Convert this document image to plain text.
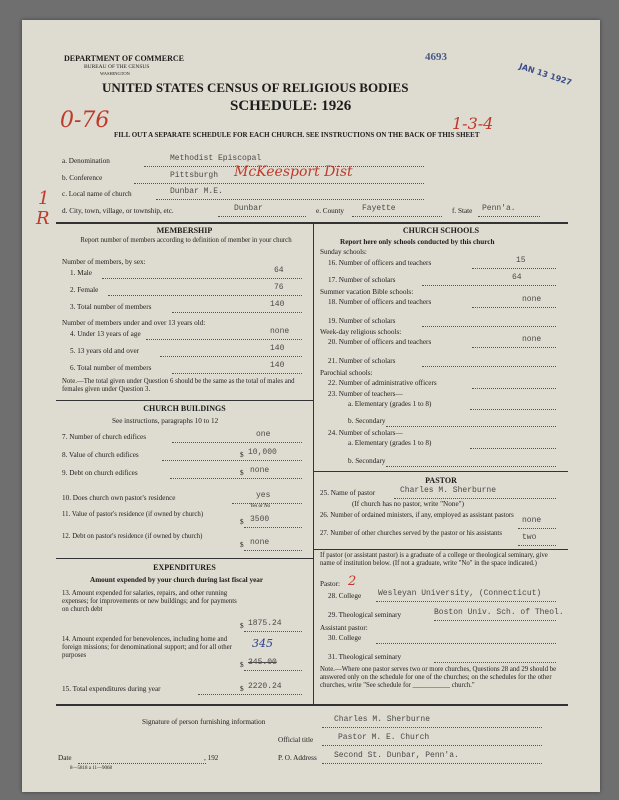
DEPARTMENT OF COMMERCE
BUREAU OF THE CENSUS
WASHINGTON
4693
JAN 13 1927
UNITED STATES CENSUS OF RELIGIOUS BODIES
SCHEDULE: 1926
0-76	1-3-4
FILL OUT A SEPARATE SCHEDULE FOR EACH CHURCH. SEE INSTRUCTIONS ON THE BACK OF THIS SHEET
1
R
a. Denomination	Methodist Episcopal
b. Conference	Pittsburgh McKeesport Dist
c. Local name of church	Dunbar M.E.
d. City, town, village, or township, etc.	Dunbar	e. County Fayette	f. State Penn'a.
MEMBERSHIP
Report number of members according to definition of member in your church
Number of members, by sex:
1. Male	64
2. Female	76
3. Total number of members	140
Number of members under and over 13 years old:
4. Under 13 years of age	none
5. 13 years old and over	140
6. Total number of members	140
Note.—The total given under Question 6 should be the same as the total of males and females given under Question 3.
CHURCH BUILDINGS
See instructions, paragraphs 10 to 12
7. Number of church edifices	one
8. Value of church edifices	$ 10,000
9. Debt on church edifices	$ none
10. Does church own pastor's residence	yes
Yes or No
11. Value of pastor's residence (if owned by church)
$ 3500
12. Debt on pastor's residence (if owned by church)
$ none
EXPENDITURES
Amount expended by your church during last fiscal year
13. Amount expended for salaries, repairs, and other running expenses; for improvements or new buildings; and for payments on church debt
$ 1875.24
14. Amount expended for benevolences, including home and foreign missions; for denominational support; and for all other purposes
345
$ 345.00
15. Total expenditures during year	$ 2220.24
CHURCH SCHOOLS
Report here only schools conducted by this church
Sunday schools:
16. Number of officers and teachers	15
17. Number of scholars	64
Summer vacation Bible schools:
18. Number of officers and teachers	none
19. Number of scholars
Week-day religious schools:
20. Number of officers and teachers	none
21. Number of scholars
Parochial schools:
22. Number of administrative officers
23. Number of teachers—
a. Elementary (grades 1 to 8)
b. Secondary
24. Number of scholars—
a. Elementary (grades 1 to 8)
b. Secondary
PASTOR
25. Name of pastor	Charles M. Sherburne
(If church has no pastor, write "None")
26. Number of ordained ministers, if any, employed as assistant pastors
none
27. Number of other churches served by the pastor or his assistants	two
If pastor (or assistant pastor) is a graduate of a college or theological seminary, give name of institution below. (If not a graduate, write "No" in the space indicated.)
Pastor: 2
28. College Wesleyan University, (Connecticut)
29. Theological seminary	Boston Univ. Sch. of Theol.
Assistant pastor:
30. College
31. Theological seminary
Note.—Where one pastor serves two or more churches, Questions 28 and 29 should be answered only on the schedule for one of the churches; on the schedules for the other churches, write "See schedule for ___________ church."
Signature of person furnishing information	Charles M. Sherburne
Official title	Pastor M. E. Church
Date	, 192	P. O. Address Second St. Dunbar, Penn'a.
8—5818 a 11—9068
